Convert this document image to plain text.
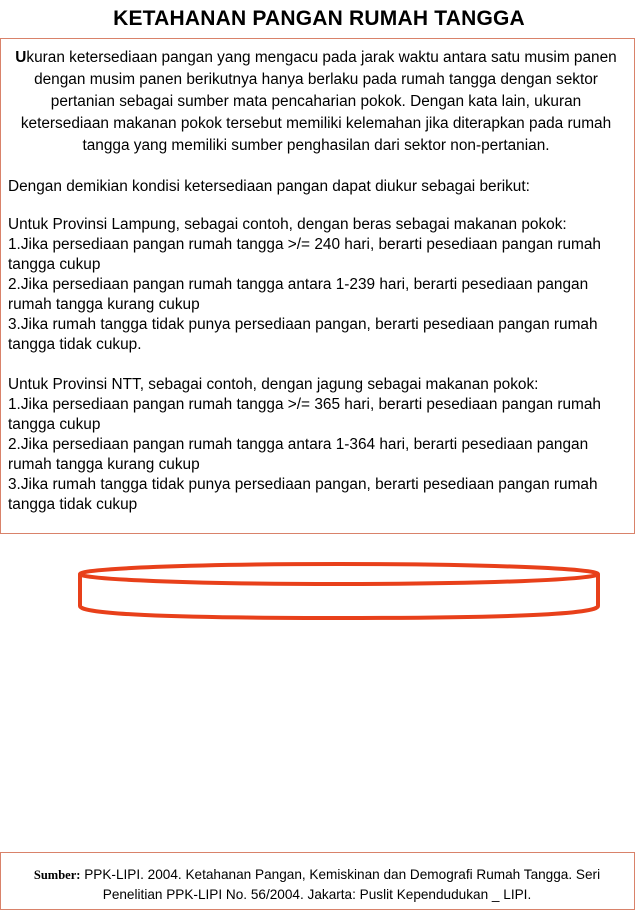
KETAHANAN PANGAN RUMAH TANGGA

Ukuran ketersediaan pangan yang mengacu pada jarak waktu antara satu musim panen dengan musim panen berikutnya hanya berlaku pada rumah tangga dengan sektor pertanian sebagai sumber mata pencaharian pokok. Dengan kata lain, ukuran ketersediaan makanan pokok tersebut memiliki kelemahan jika diterapkan pada rumah tangga yang memiliki sumber penghasilan dari sektor non-pertanian.

Dengan demikian kondisi ketersediaan pangan dapat diukur sebagai berikut:

Untuk Provinsi Lampung, sebagai contoh, dengan beras sebagai makanan pokok:
1.Jika persediaan pangan rumah tangga >/= 240 hari, berarti pesediaan pangan rumah tangga cukup
2.Jika persediaan pangan rumah tangga antara 1-239 hari, berarti pesediaan pangan rumah tangga kurang cukup
3.Jika rumah tangga tidak punya persediaan pangan, berarti pesediaan pangan rumah tangga tidak cukup.
Untuk Provinsi NTT, sebagai contoh, dengan jagung sebagai makanan pokok:
1.Jika persediaan pangan rumah tangga >/= 365 hari, berarti pesediaan pangan rumah tangga cukup
2.Jika persediaan pangan rumah tangga antara 1-364 hari, berarti pesediaan pangan rumah tangga kurang cukup
3.Jika rumah tangga tidak punya persediaan pangan, berarti pesediaan pangan rumah tangga tidak cukup

Sumber: PPK-LIPI. 2004. Ketahanan Pangan, Kemiskinan dan Demografi Rumah Tangga. Seri Penelitian PPK-LIPI No. 56/2004. Jakarta: Puslit Kependudukan _ LIPI.
